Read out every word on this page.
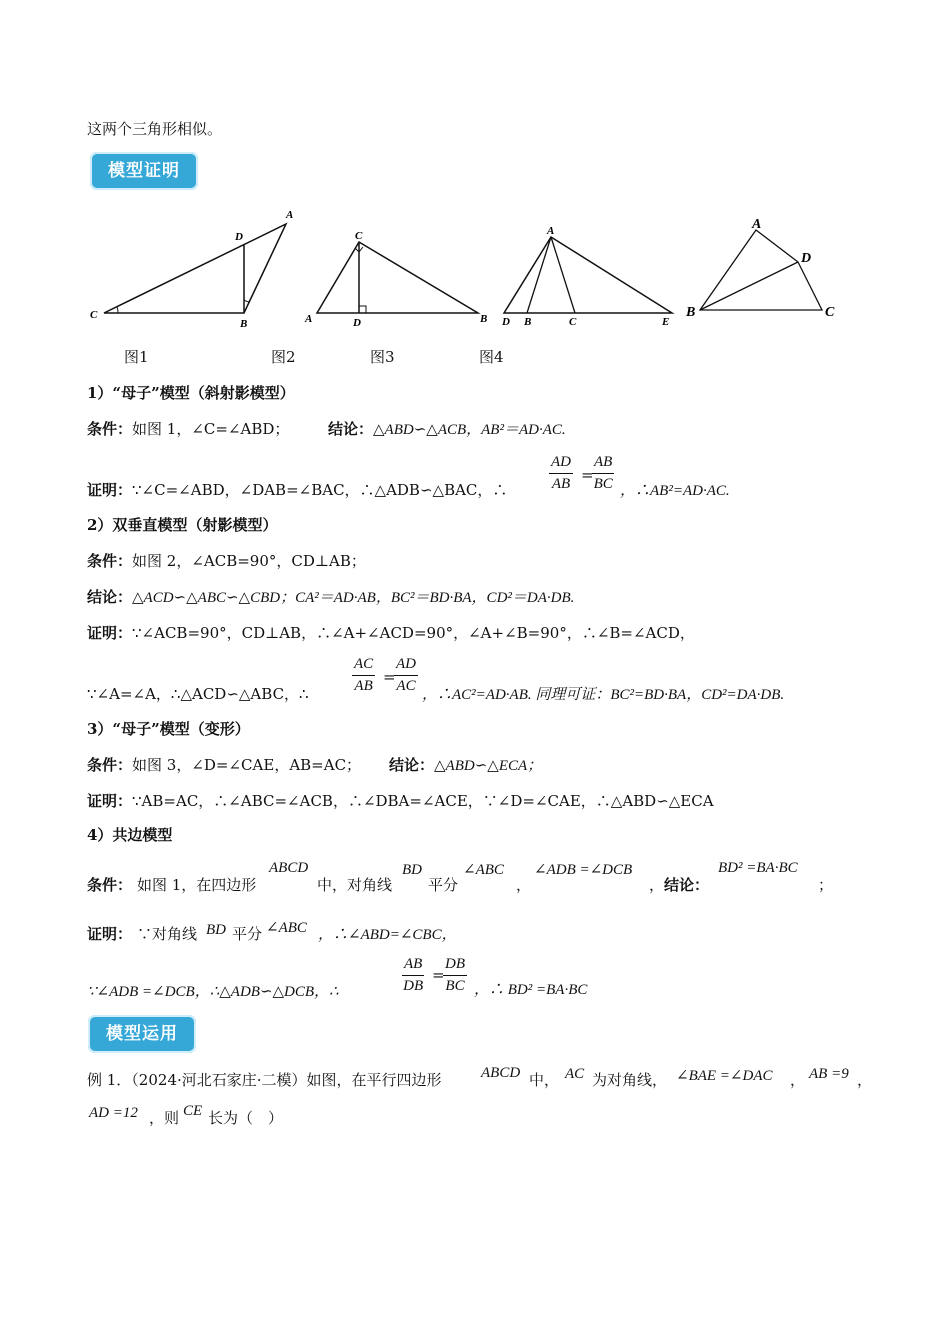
这两个三角形相似。
模型证明
A
D
C
B
C
A	D	B
A
D B	C	E
A
D
B	C
图1	图2	图3	图4
1）“母子”模型（斜射影模型）
条件：如图 1，∠C=∠ABD；	结论：△ABD∽△ACB，AB²＝AD·AC.
证明：∵∠C=∠ABD，∠DAB=∠BAC，∴△ADB∽△BAC，∴	$\frac{AD}{AB}$ =
$\frac{AB}{BC}$ ，∴AB²=AD·AC.
2）双垂直模型（射影模型）
条件：如图 2，∠ACB=90°，CD⊥AB；
结论：△ACD∽△ABC∽△CBD；CA²＝AD·AB，BC²＝BD·BA，CD²＝DA·DB.
证明：∵∠ACB=90°，CD⊥AB，∴∠A+∠ACD=90°，∠A+∠B=90°，∴∠B=∠ACD，
∵∠A=∠A，∴△ACD∽△ABC，∴	$\frac{AC}{AB}$ =
$\frac{AD}{AC}$ ，∴AC²=AD·AB. 同理可证：BC²=BD·BA，CD²=DA·DB.
3）“母子”模型（变形）
条件：如图 3，∠D=∠CAE，AB=AC； 结论：△ABD∽△ECA；
证明：∵AB=AC，∴∠ABC=∠ACB，∴∠DBA=∠ACE，∵∠D=∠CAE，∴△ABD∽△ECA
4）共边模型
条件： 如图 1，在四边形
ABCD
中，对角线
BD
平分
∠ABC
，
∠ADB =∠DCB
， 结论：
BD² =BA·BC
；
证明： ∵对角线 BD 平分 ∠ABC ，∴∠ABD=∠CBC，
∵∠ADB =∠DCB，∴△ADB∽△DCB，∴	$\frac{AB}{DB}$ =
$\frac{DB}{BC}$ ，∴ BD² =BA·BC
模型运用
例 1．（2024·河北石家庄·二模）如图，在平行四边形	ABCD 中， AC 为对角线， ∠BAE =∠DAC ， AB =9 ，
AD =12 ，则 CE 长为（　）
